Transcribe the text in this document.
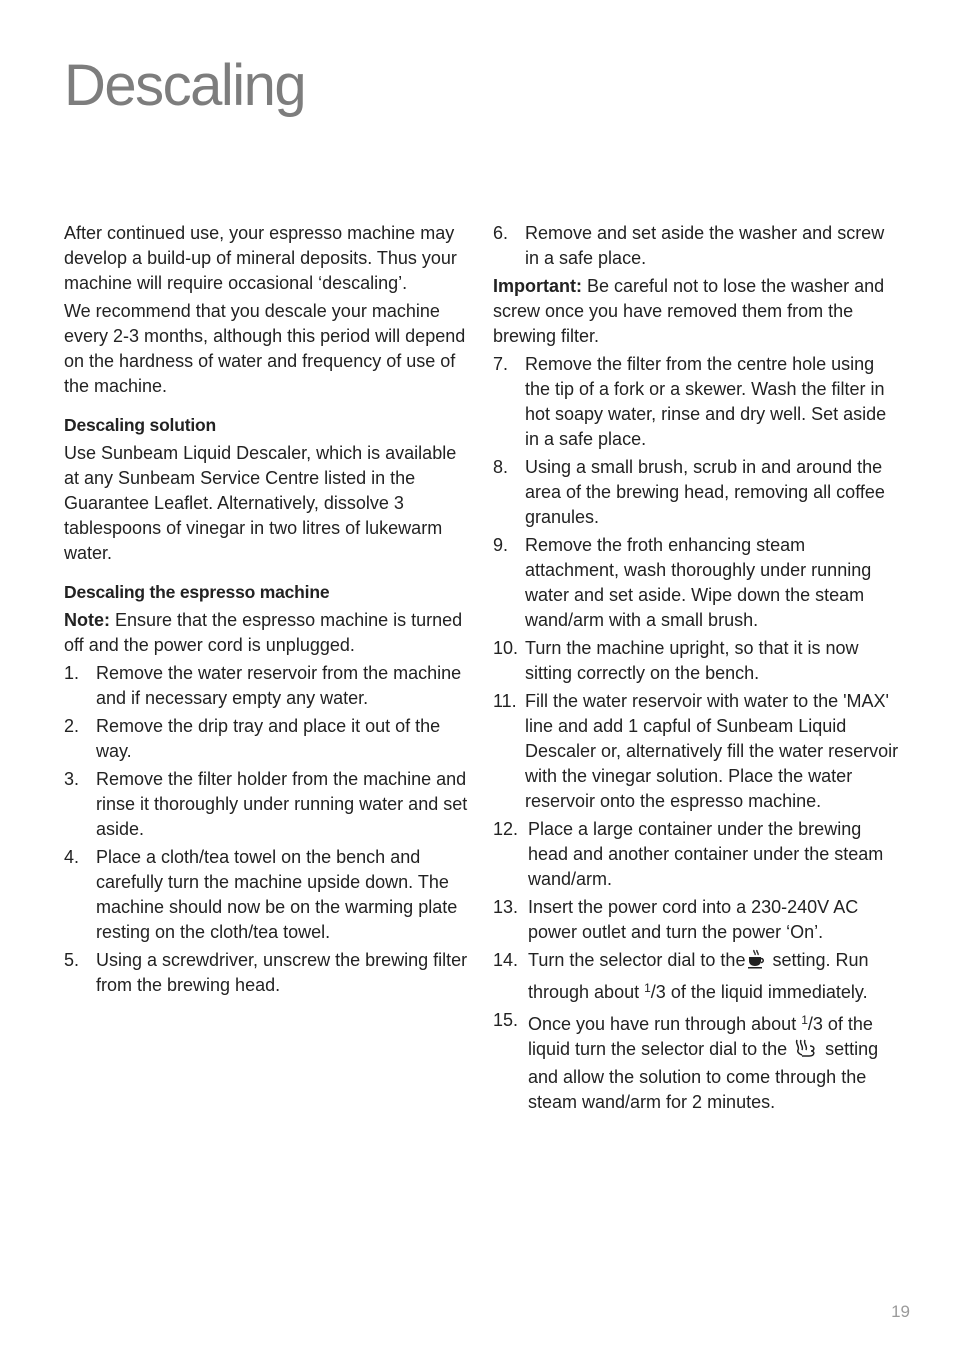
Descaling

After continued use, your espresso machine may develop a build-up of mineral deposits. Thus your machine will require occasional ‘descaling’.

We recommend that you descale your machine every 2-3 months, although this period will depend on the hardness of water and frequency of use of the machine.

Descaling solution

Use Sunbeam Liquid Descaler, which is available at any Sunbeam Service Centre listed in the Guarantee Leaflet. Alternatively, dissolve 3 tablespoons of vinegar in two litres of lukewarm water.

Descaling the espresso machine

Note: Ensure that the espresso machine is turned off and the power cord is unplugged.

1. Remove the water reservoir from the machine and if necessary empty any water.
2. Remove the drip tray and place it out of the way.
3. Remove the filter holder from the machine and rinse it thoroughly under running water and set aside.
4. Place a cloth/tea towel on the bench and carefully turn the machine upside down. The machine should now be on the warming plate resting on the cloth/tea towel.
5. Using a screwdriver, unscrew the brewing filter from the brewing head.
6. Remove and set aside the washer and screw in a safe place.

Important: Be careful not to lose the washer and screw once you have removed them from the brewing filter.

7. Remove the filter from the centre hole using the tip of a fork or a skewer. Wash the filter in hot soapy water, rinse and dry well. Set aside in a safe place.
8. Using a small brush, scrub in and around the area of the brewing head, removing all coffee granules.
9. Remove the froth enhancing steam attachment, wash thoroughly under running water and set aside. Wipe down the steam wand/arm with a small brush.
10. Turn the machine upright, so that it is now sitting correctly on the bench.
11. Fill the water reservoir with water to the 'MAX' line and add 1 capful of Sunbeam Liquid Descaler or, alternatively fill the water reservoir with the vinegar solution. Place the water reservoir onto the espresso machine.
12. Place a large container under the brewing head and another container under the steam wand/arm.
13. Insert the power cord into a 230-240V AC power outlet and turn the power ‘On’.
14. Turn the selector dial to the setting. Run through about $^1$/3 of the liquid immediately.
15. Once you have run through about $^1$/3 of the liquid turn the selector dial to the  setting and allow the solution to come through the steam wand/arm for 2 minutes.
19
